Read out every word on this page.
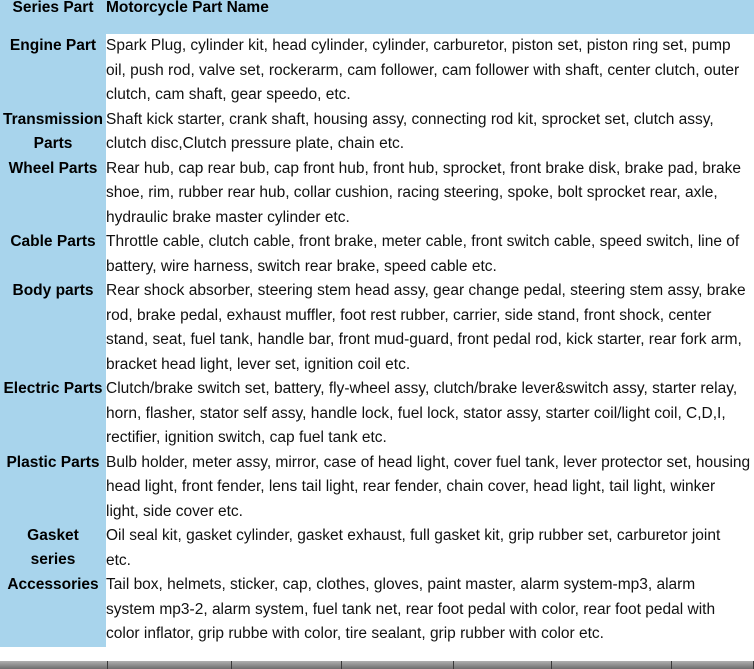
Series Part	Motorcycle Part Name

Engine Part	Spark Plug, cylinder kit, head cylinder, cylinder, carburetor, piston set, piston ring set, pump
oil, push rod, valve set, rockerarm, cam follower, cam follower with shaft, center clutch, outer
clutch, cam shaft, gear speedo, etc.

Transmission
Parts	Shaft kick starter, crank shaft, housing assy, connecting rod kit, sprocket set, clutch assy,
clutch disc,Clutch pressure plate, chain etc.

Wheel Parts	Rear hub, cap rear bub, cap front hub, front hub, sprocket, front brake disk, brake pad, brake
shoe, rim, rubber rear hub, collar cushion, racing steering, spoke, bolt sprocket rear, axle,
hydraulic brake master cylinder etc.

Cable Parts	Throttle cable, clutch cable, front brake, meter cable, front switch cable, speed switch, line of
battery, wire harness, switch rear brake, speed cable etc.

Body parts	Rear shock absorber, steering stem head assy, gear change pedal, steering stem assy, brake
rod, brake pedal, exhaust muffler, foot rest rubber, carrier, side stand, front shock, center
stand, seat, fuel tank, handle bar, front mud-guard, front pedal rod, kick starter, rear fork arm,
bracket head light, lever set, ignition coil etc.

Electric Parts	Clutch/brake switch set, battery, fly-wheel assy, clutch/brake lever&switch assy, starter relay,
horn, flasher, stator self assy, handle lock, fuel lock, stator assy, starter coil/light coil, C,D,I,
rectifier, ignition switch, cap fuel tank etc.

Plastic Parts	Bulb holder, meter assy, mirror, case of head light, cover fuel tank, lever protector set, housing
head light, front fender, lens tail light, rear fender, chain cover, head light, tail light, winker
light, side cover etc.

Gasket
series	Oil seal kit, gasket cylinder, gasket exhaust, full gasket kit, grip rubber set, carburetor joint
etc.

Accessories	Tail box, helmets, sticker, cap, clothes, gloves, paint master, alarm system-mp3, alarm
system mp3-2, alarm system, fuel tank net, rear foot pedal with color, rear foot pedal with
color inflator, grip rubbe with color, tire sealant, grip rubber with color etc.
